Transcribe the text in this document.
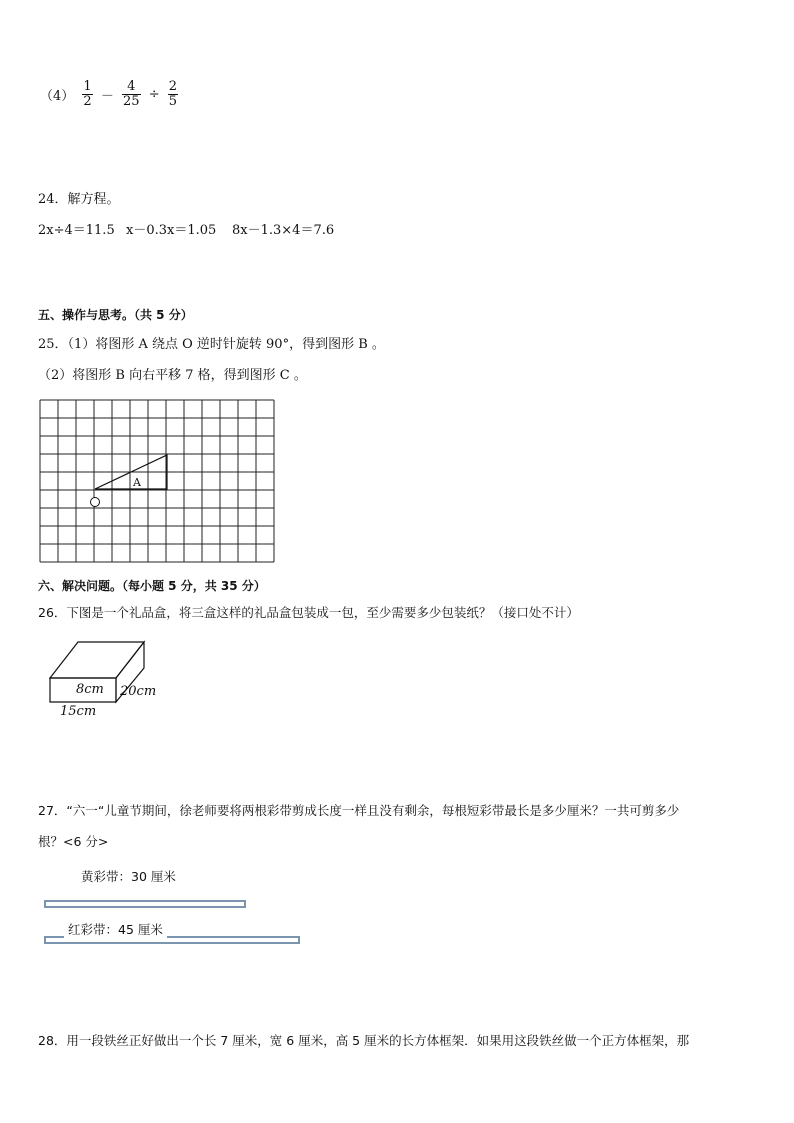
$(4) \frac{1}{2} - \frac{4}{25} \div \frac{2}{5}$
24．解方程。
2x÷4＝11.5 x－0.3x＝1.05 8x－1.3×4＝7.6
五、操作与思考。（共 5 分）
25．（1）将图形 A 绕点 O 逆时针旋转 90°，得到图形 B 。
（2）将图形 B 向右平移 7 格，得到图形 C 。
A
六、解决问题。（每小题 5 分，共 35 分）
26．下图是一个礼品盒，将三盒这样的礼品盒包装成一包，至少需要多少包装纸？（接口处不计）
8cm 20cm
15cm
27．“六一“儿童节期间，徐老师要将两根彩带剪成长度一样且没有剩余，每根短彩带最长是多少厘米？一共可剪多少
根？<6 分>
黄彩带：30 厘米
红彩带：45 厘米
28．用一段铁丝正好做出一个长 7 厘米，宽 6 厘米，高 5 厘米的长方体框架．如果用这段铁丝做一个正方体框架，那
